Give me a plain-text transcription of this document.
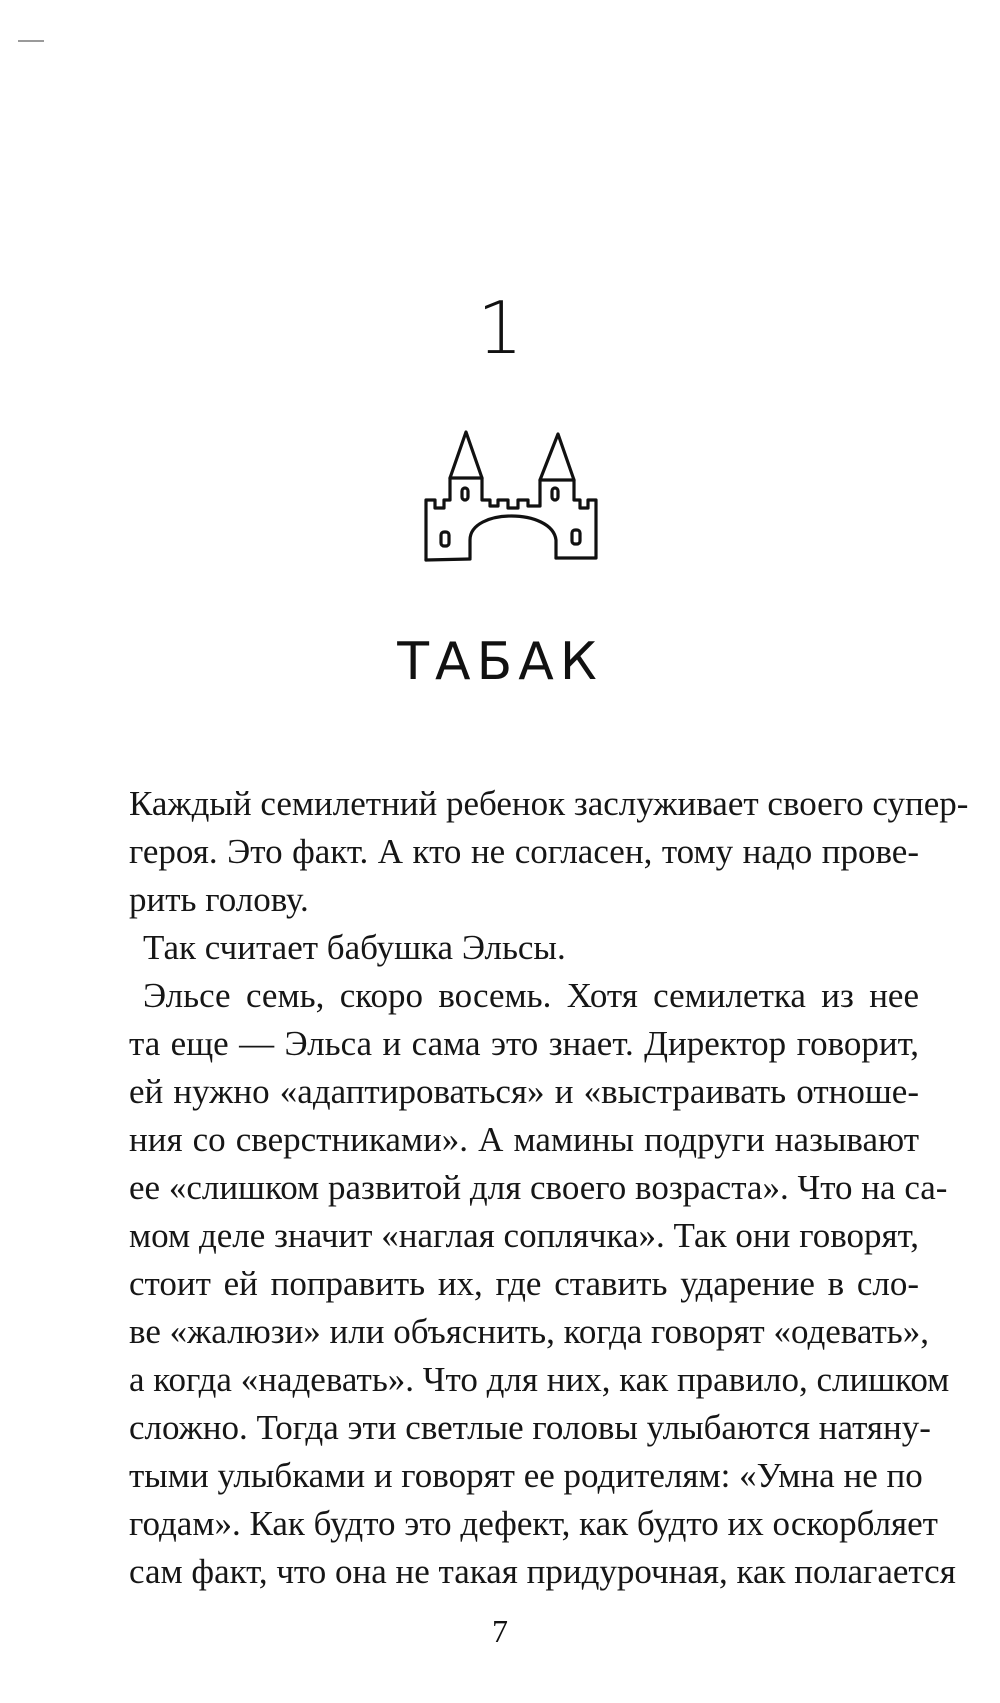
1
ТАБАК
Каждый семилетний ребенок заслуживает своего супер-
героя. Это факт. А кто не согласен, тому надо прове-
рить голову.
Так считает бабушка Эльсы.
Эльсе семь, скоро восемь. Хотя семилетка из нее
та еще — Эльса и сама это знает. Директор говорит,
ей нужно «адаптироваться» и «выстраивать отноше-
ния со сверстниками». А мамины подруги называют
ее «слишком развитой для своего возраста». Что на са-
мом деле значит «наглая соплячка». Так они говорят,
стоит ей поправить их, где ставить ударение в сло-
ве «жалюзи» или объяснить, когда говорят «одевать»,
а когда «надевать». Что для них, как правило, слишком
сложно. Тогда эти светлые головы улыбаются натяну-
тыми улыбками и говорят ее родителям: «Умна не по
годам». Как будто это дефект, как будто их оскорбляет
сам факт, что она не такая придурочная, как полагается
7
